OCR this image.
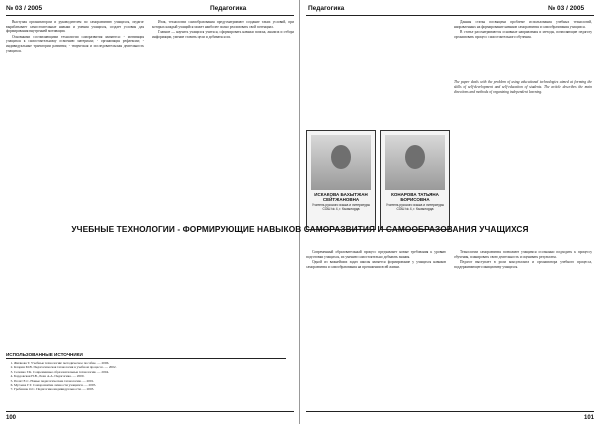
№ 03 / 2005	Педагогика

Выступая организатором и руководителем по саморазвитию учащихся, педагог вырабатывает самостоятельные навыки и умения учащихся, создает условия для формирования внутренней мотивации.

Основными составляющими технологии саморазвития являются: - мотивация учащихся к самостоятельному освоению материала; - организация рефлексии; - индивидуальные траектории развития; - творческая и исследовательская деятельность учащихся.

Итак, технологии самообразования предусматривают создание таких условий, при которых каждый учащийся может наиболее полно реализовать свой потенциал.

Главное — научить учащихся учиться, сформировать навыки поиска, анализа и отбора информации, умение ставить цели и добиваться их.

ИСПОЛЬЗОВАННЫЕ ИСТОЧНИКИ
1. Жилкова Т. Учебные технологии: методическое пособие. — 2006.
2. Кларин М.В. Педагогическая технология в учебном процессе. — 2002.
3. Селевко Г.К. Современные образовательные технологии. — 2004.
4. Бордовская Н.В., Реан А.А. Педагогика. — 2000.
5. Полат Е.С. Новые педагогические технологии. — 2001.
6. Мусаева Г.Т. Саморазвитие личности учащихся. — 2005.
7. Гребенюк О.С. Педагогика индивидуальности. — 2003.
100
Педагогика	№ 03 / 2005
ИСКАКОВА БАХЫТЖАН СЕЙТЖАНОВНА
Учитель русского языка и литературы СОШ № 4, г. Кызылорда
КОНАРОВА ТАТЬЯНА БОРИСОВНА
Учитель русского языка и литературы СОШ № 4, г. Кызылорда

Данная статья посвящена проблеме использования учебных технологий, направленных на формирование навыков саморазвития и самообразования учащихся.

В статье рассматриваются основные направления и методы, позволяющие педагогу организовать процесс самостоятельного обучения.

The paper deals with the problem of using educational technologies aimed at forming the skills of self-development and self-education of students. The article describes the main directions and methods of organizing independent learning.

Современный образовательный процесс предъявляет новые требования к уровню подготовки учащихся, их умению самостоятельно добывать знания.

Одной из важнейших задач школы является формирование у учащихся навыков саморазвития и самообразования на протяжении всей жизни.

Технологии саморазвития позволяют учащимся осознанно подходить к процессу обучения, планировать свою деятельность и оценивать результаты.

Педагог выступает в роли консультанта и организатора учебного процесса, поддерживающего инициативу учащихся.

101
УЧЕБНЫЕ ТЕХНОЛОГИИ - ФОРМИРУЮЩИЕ НАВЫКОВ САМОРАЗВИТИЯ И САМООБРАЗОВАНИЯ УЧАЩИХСЯ
